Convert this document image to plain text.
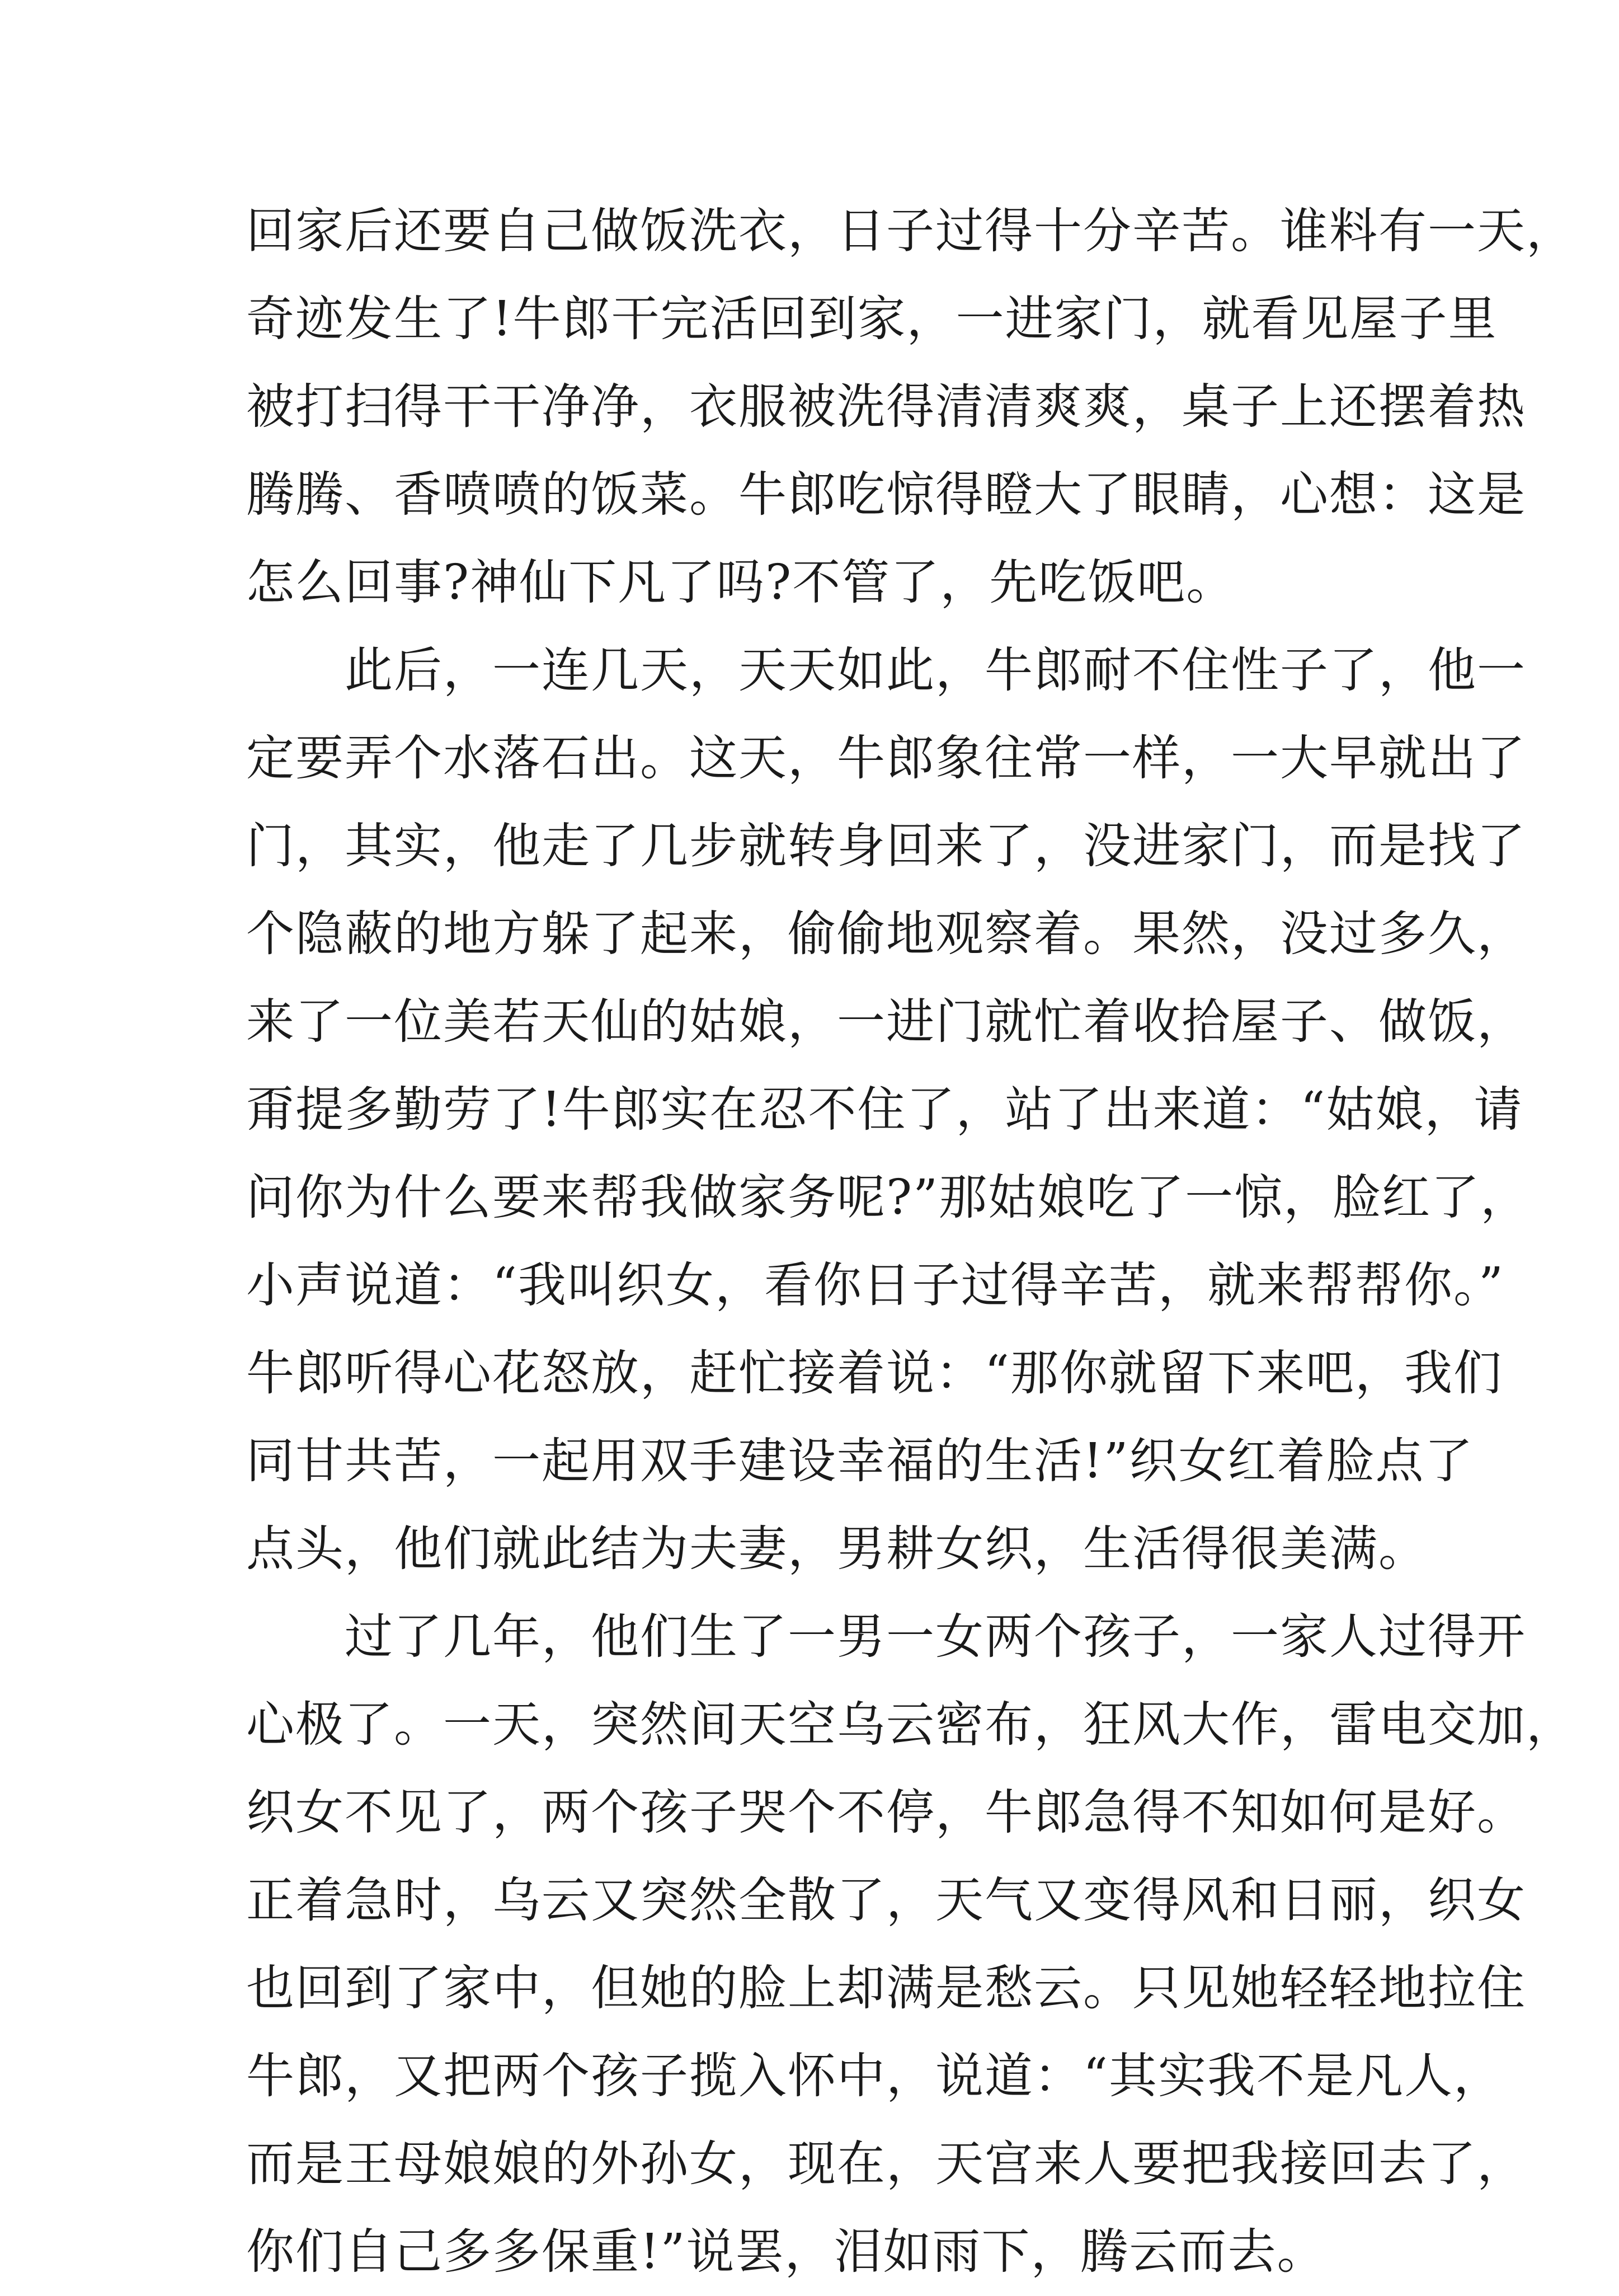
回家后还要自己做饭洗衣，日子过得十分辛苦。谁料有一天，
奇迹发生了!牛郎干完活回到家，一进家门，就看见屋子里
被打扫得干干净净，衣服被洗得清清爽爽，桌子上还摆着热
腾腾、香喷喷的饭菜。牛郎吃惊得瞪大了眼睛，心想：这是
怎么回事?神仙下凡了吗?不管了，先吃饭吧。
　　此后，一连几天，天天如此，牛郎耐不住性子了，他一
定要弄个水落石出。这天，牛郎象往常一样，一大早就出了
门，其实，他走了几步就转身回来了，没进家门，而是找了
个隐蔽的地方躲了起来，偷偷地观察着。果然，没过多久，
来了一位美若天仙的姑娘，一进门就忙着收拾屋子、做饭，
甭提多勤劳了!牛郎实在忍不住了，站了出来道：“姑娘，请
问你为什么要来帮我做家务呢?”那姑娘吃了一惊，脸红了，
小声说道：“我叫织女，看你日子过得辛苦，就来帮帮你。”
牛郎听得心花怒放，赶忙接着说：“那你就留下来吧，我们
同甘共苦，一起用双手建设幸福的生活!”织女红着脸点了
点头，他们就此结为夫妻，男耕女织，生活得很美满。
　　过了几年，他们生了一男一女两个孩子，一家人过得开
心极了。一天，突然间天空乌云密布，狂风大作，雷电交加，
织女不见了，两个孩子哭个不停，牛郎急得不知如何是好。
正着急时，乌云又突然全散了，天气又变得风和日丽，织女
也回到了家中，但她的脸上却满是愁云。只见她轻轻地拉住
牛郎，又把两个孩子揽入怀中，说道：“其实我不是凡人，
而是王母娘娘的外孙女，现在，天宫来人要把我接回去了，
你们自己多多保重!”说罢，泪如雨下，腾云而去。
